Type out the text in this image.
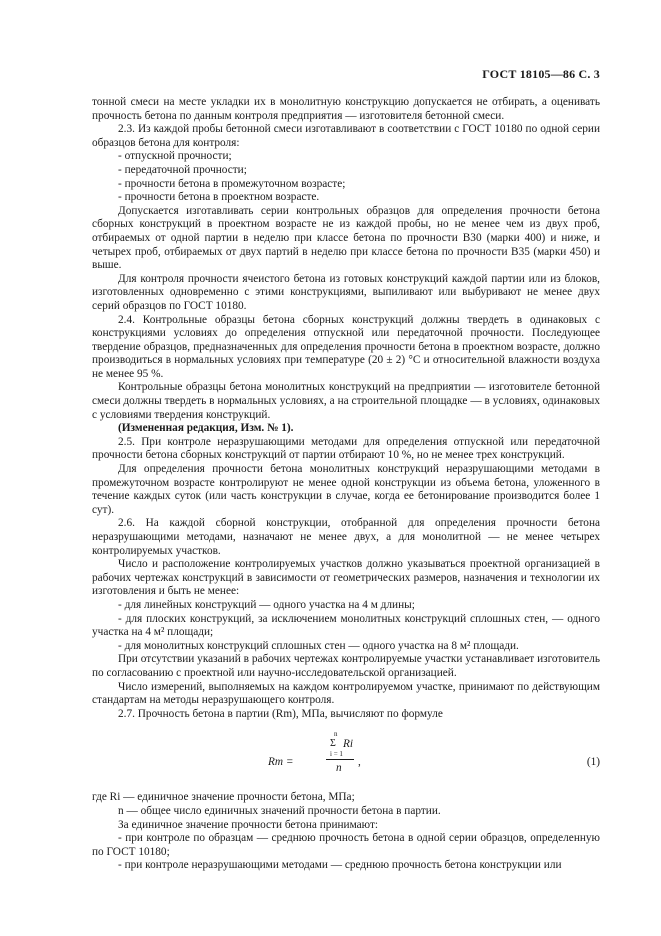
ГОСТ 18105—86 С. 3

тонной смеси на месте укладки их в монолитную конструкцию допускается не отбирать, а оценивать прочность бетона по данным контроля предприятия — изготовителя бетонной смеси.

2.3. Из каждой пробы бетонной смеси изготавливают в соответствии с ГОСТ 10180 по одной серии образцов бетона для контроля:

- отпускной прочности;

- передаточной прочности;

- прочности бетона в промежуточном возрасте;

- прочности бетона в проектном возрасте.

Допускается изготавливать серии контрольных образцов для определения прочности бетона сборных конструкций в проектном возрасте не из каждой пробы, но не менее чем из двух проб, отбираемых от одной партии в неделю при классе бетона по прочности В30 (марки 400) и ниже, и четырех проб, отбираемых от двух партий в неделю при классе бетона по прочности В35 (марки 450) и выше.

Для контроля прочности ячеистого бетона из готовых конструкций каждой партии или из блоков, изготовленных одновременно с этими конструкциями, выпиливают или выбуривают не менее двух серий образцов по ГОСТ 10180.

2.4. Контрольные образцы бетона сборных конструкций должны твердеть в одинаковых с конструкциями условиях до определения отпускной или передаточной прочности. Последующее твердение образцов, предназначенных для определения прочности бетона в проектном возрасте, должно производиться в нормальных условиях при температуре (20 ± 2) °С и относительной влажности воздуха не менее 95 %.

Контрольные образцы бетона монолитных конструкций на предприятии — изготовителе бетонной смеси должны твердеть в нормальных условиях, а на строительной площадке — в условиях, одинаковых с условиями твердения конструкций.

(Измененная редакция, Изм. № 1).

2.5. При контроле неразрушающими методами для определения отпускной или передаточной прочности бетона сборных конструкций от партии отбирают 10 %, но не менее трех конструкций.

Для определения прочности бетона монолитных конструкций неразрушающими методами в промежуточном возрасте контролируют не менее одной конструкции из объема бетона, уложенного в течение каждых суток (или часть конструкции в случае, когда ее бетонирование производится более 1 сут).

2.6. На каждой сборной конструкции, отобранной для определения прочности бетона неразрушающими методами, назначают не менее двух, а для монолитной — не менее четырех контролируемых участков.

Число и расположение контролируемых участков должно указываться проектной организацией в рабочих чертежах конструкций в зависимости от геометрических размеров, назначения и технологии их изготовления и быть не менее:

- для линейных конструкций — одного участка на 4 м длины;

- для плоских конструкций, за исключением монолитных конструкций сплошных стен, — одного участка на 4 м² площади;

- для монолитных конструкций сплошных стен — одного участка на 8 м² площади.

При отсутствии указаний в рабочих чертежах контролируемые участки устанавливает изготовитель по согласованию с проектной или научно-исследовательской организацией.

Число измерений, выполняемых на каждом контролируемом участке, принимают по действующим стандартам на методы неразрушающего контроля.

2.7. Прочность бетона в партии (Rm), МПа, вычисляют по формуле

n
Σ Ri
i = 1
Rm =	n ,	(1)

где Ri — единичное значение прочности бетона, МПа;

n — общее число единичных значений прочности бетона в партии.

За единичное значение прочности бетона принимают:

- при контроле по образцам — среднюю прочность бетона в одной серии образцов, определенную по ГОСТ 10180;

- при контроле неразрушающими методами — среднюю прочность бетона конструкции или
